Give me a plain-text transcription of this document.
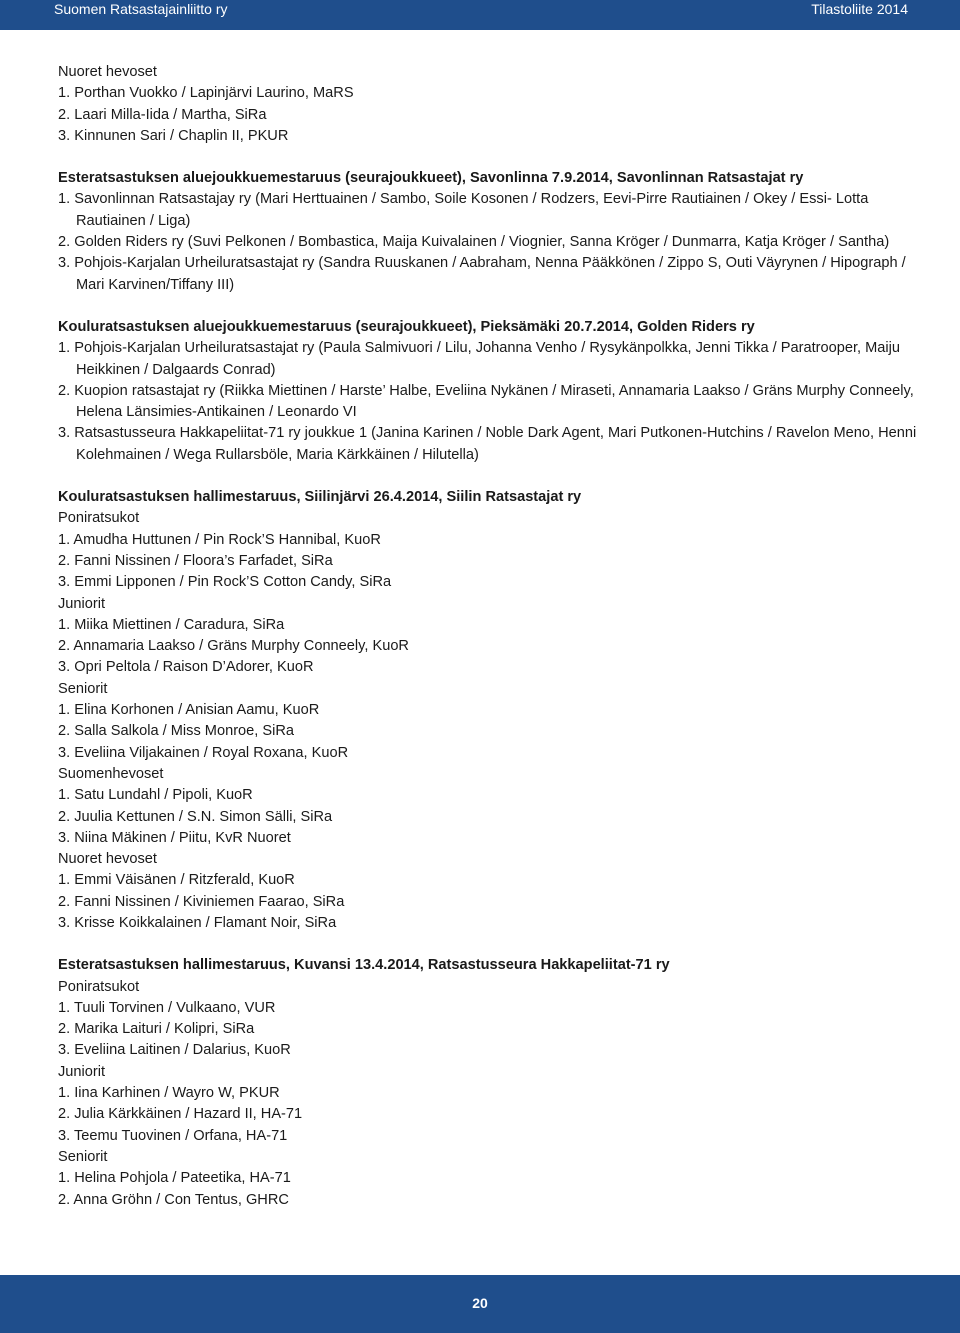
Suomen Ratsastajainliitto ry	Tilastoliite 2014
Nuoret hevoset
1. Porthan Vuokko / Lapinjärvi Laurino, MaRS
2. Laari Milla-Iida / Martha, SiRa
3. Kinnunen Sari / Chaplin II, PKUR
Esteratsastuksen aluejoukkuemestaruus (seurajoukkueet), Savonlinna 7.9.2014, Savonlinnan Ratsastajat ry
1. Savonlinnan Ratsastajay ry (Mari Herttuainen / Sambo, Soile Kosonen / Rodzers, Eevi-Pirre Rautiainen / Okey / Essi- Lotta Rautiainen / Liga)
2. Golden Riders ry (Suvi Pelkonen / Bombastica, Maija Kuivalainen / Viognier, Sanna Kröger / Dunmarra, Katja Kröger / Santha)
3. Pohjois-Karjalan Urheiluratsastajat ry (Sandra Ruuskanen / Aabraham, Nenna Pääkkönen / Zippo S, Outi Väyrynen / Hipograph / Mari Karvinen/Tiffany III)
Kouluratsastuksen aluejoukkuemestaruus (seurajoukkueet), Pieksämäki 20.7.2014, Golden Riders ry
1. Pohjois-Karjalan Urheiluratsastajat ry (Paula Salmivuori / Lilu, Johanna Venho / Rysykänpolkka, Jenni Tikka / Paratrooper, Maiju Heikkinen / Dalgaards Conrad)
2. Kuopion ratsastajat ry (Riikka Miettinen / Harste’ Halbe, Eveliina Nykänen / Miraseti, Annamaria Laakso / Gräns Murphy Conneely, Helena Länsimies-Antikainen / Leonardo VI
3. Ratsastusseura Hakkapeliitat-71 ry joukkue 1 (Janina Karinen / Noble Dark Agent, Mari Putkonen-Hutchins / Ravelon Meno, Henni Kolehmainen / Wega Rullarsböle, Maria Kärkkäinen / Hilutella)
Kouluratsastuksen hallimestaruus, Siilinjärvi 26.4.2014, Siilin Ratsastajat ry
Poniratsukot
1. Amudha Huttunen / Pin Rock’S Hannibal, KuoR
2. Fanni Nissinen / Floora’s Farfadet, SiRa
3. Emmi Lipponen / Pin Rock’S Cotton Candy, SiRa
Juniorit
1. Miika Miettinen / Caradura, SiRa
2. Annamaria Laakso / Gräns Murphy Conneely, KuoR
3. Opri Peltola / Raison D’Adorer, KuoR
Seniorit
1. Elina Korhonen / Anisian Aamu, KuoR
2. Salla Salkola / Miss Monroe, SiRa
3. Eveliina Viljakainen / Royal Roxana, KuoR
Suomenhevoset
1. Satu Lundahl / Pipoli, KuoR
2. Juulia Kettunen / S.N. Simon Sälli, SiRa
3. Niina Mäkinen / Piitu, KvR Nuoret
Nuoret hevoset
1. Emmi Väisänen / Ritzferald, KuoR
2. Fanni Nissinen / Kiviniemen Faarao, SiRa
3. Krisse Koikkalainen / Flamant Noir, SiRa
Esteratsastuksen hallimestaruus, Kuvansi 13.4.2014, Ratsastusseura Hakkapeliitat-71 ry
Poniratsukot
1. Tuuli Torvinen / Vulkaano, VUR
2. Marika Laituri / Kolipri, SiRa
3. Eveliina Laitinen / Dalarius, KuoR
Juniorit
1. Iina Karhinen / Wayro W, PKUR
2. Julia Kärkkäinen / Hazard II, HA-71
3. Teemu Tuovinen / Orfana, HA-71
Seniorit
1. Helina Pohjola / Pateetika, HA-71
2. Anna Gröhn / Con Tentus, GHRC
20
